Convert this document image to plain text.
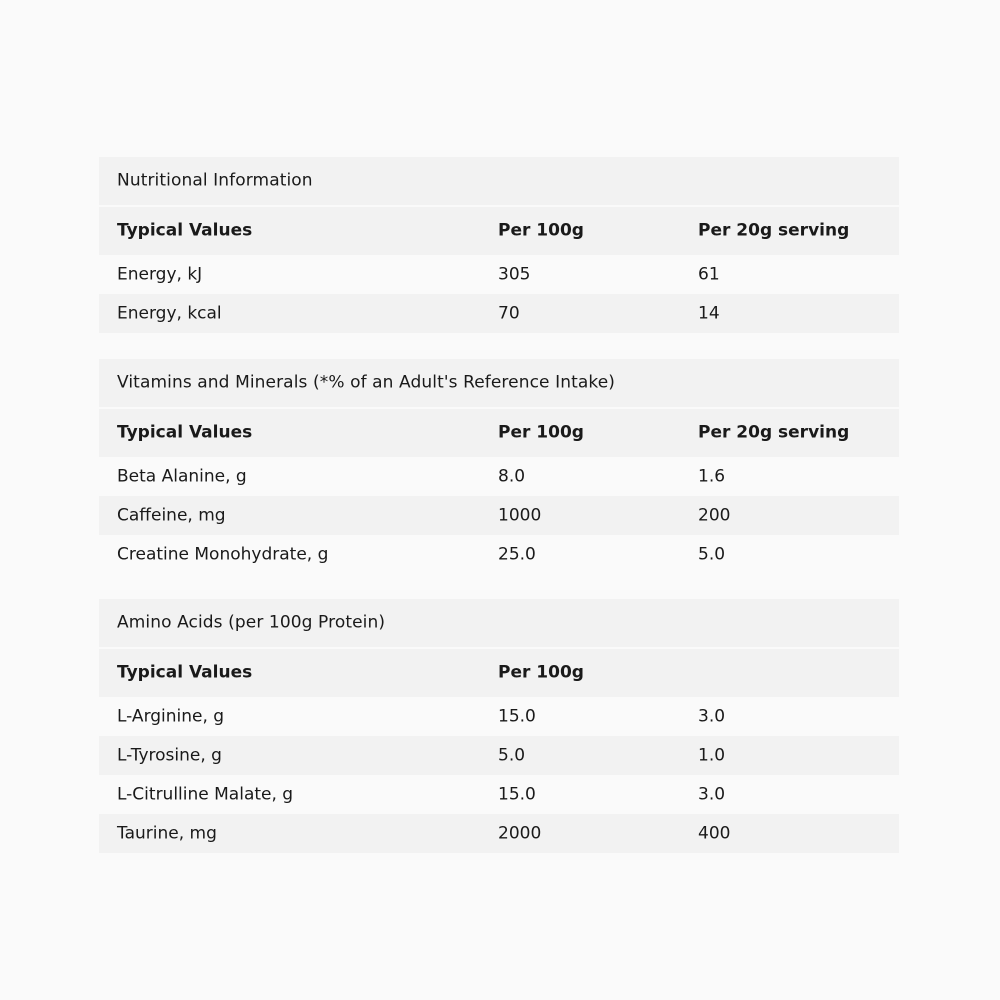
Nutritional Information
Typical Values	Per 100g	Per 20g serving
Energy, kJ	305	61
Energy, kcal	70	14
Vitamins and Minerals (*% of an Adult's Reference Intake)
Typical Values	Per 100g	Per 20g serving
Beta Alanine, g	8.0	1.6
Caffeine, mg	1000	200
Creatine Monohydrate, g	25.0	5.0
Amino Acids (per 100g Protein)
Typical Values	Per 100g
L-Arginine, g	15.0	3.0
L-Tyrosine, g	5.0	1.0
L-Citrulline Malate, g	15.0	3.0
Taurine, mg	2000	400
